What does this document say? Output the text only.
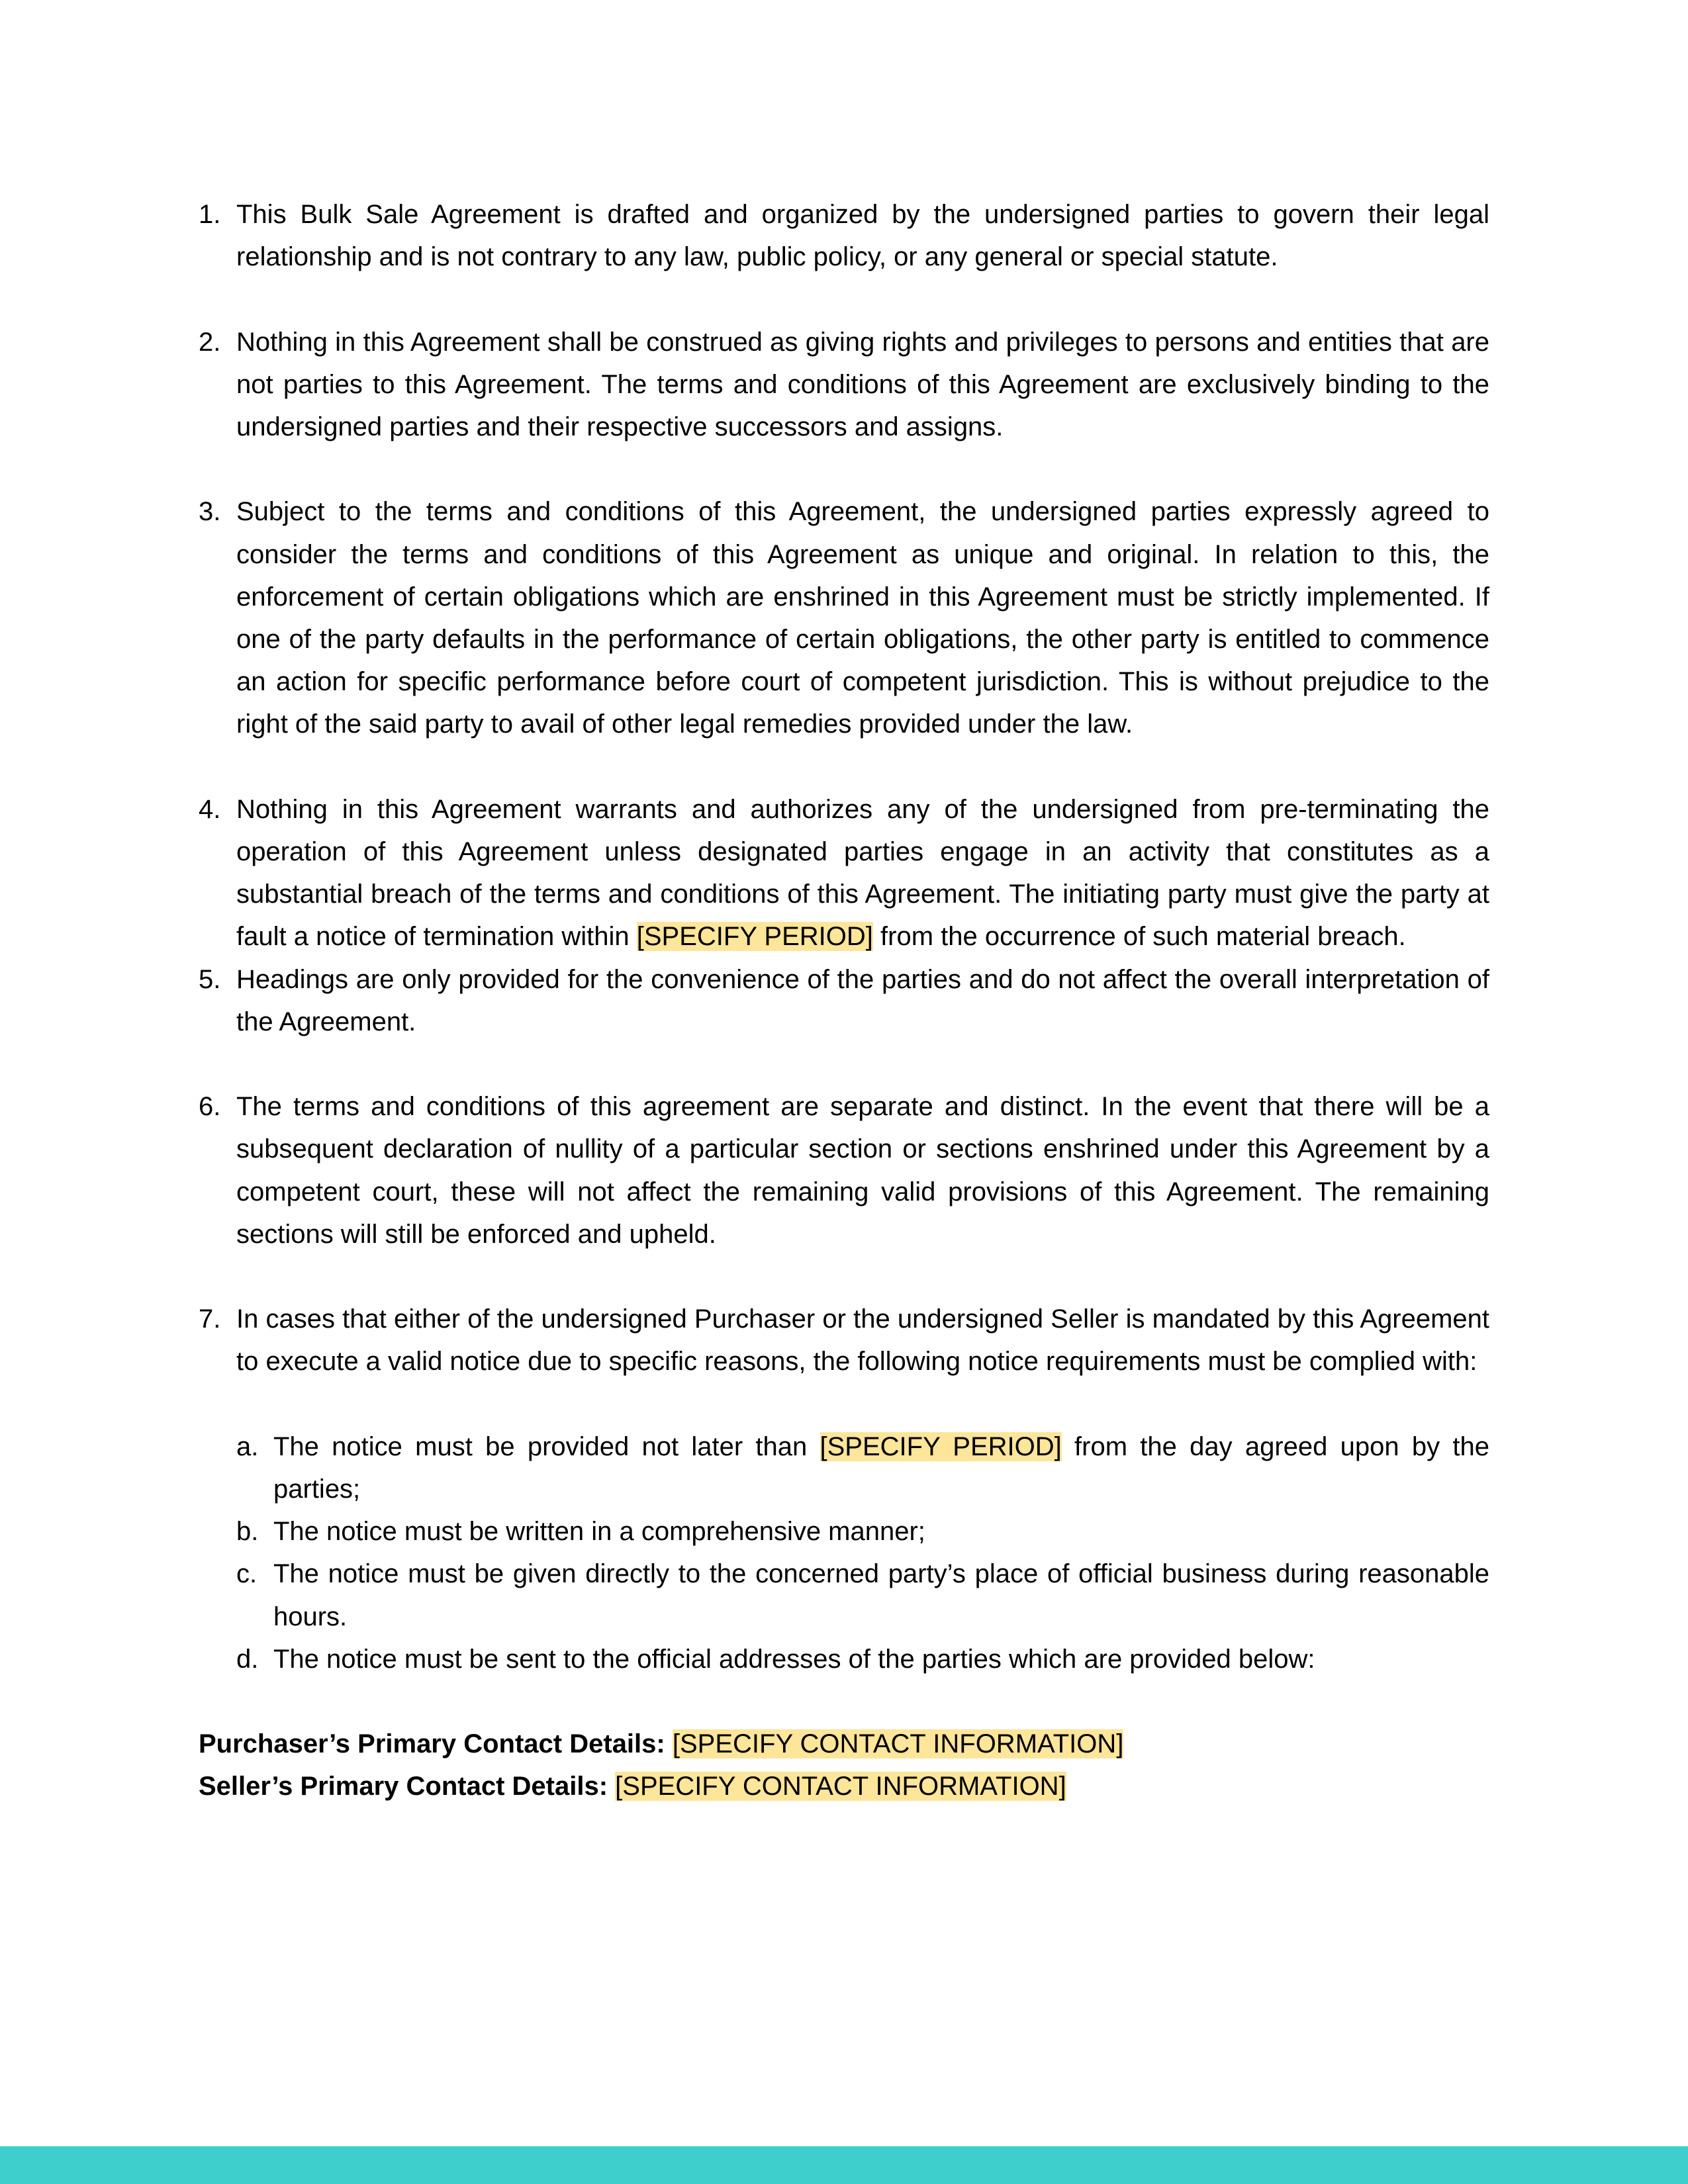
1. This Bulk Sale Agreement is drafted and organized by the undersigned parties to govern their legal relationship and is not contrary to any law, public policy, or any general or special statute.
2. Nothing in this Agreement shall be construed as giving rights and privileges to persons and entities that are not parties to this Agreement. The terms and conditions of this Agreement are exclusively binding to the undersigned parties and their respective successors and assigns.
3. Subject to the terms and conditions of this Agreement, the undersigned parties expressly agreed to consider the terms and conditions of this Agreement as unique and original. In relation to this, the enforcement of certain obligations which are enshrined in this Agreement must be strictly implemented. If one of the party defaults in the performance of certain obligations, the other party is entitled to commence an action for specific performance before court of competent jurisdiction. This is without prejudice to the right of the said party to avail of other legal remedies provided under the law.
4. Nothing in this Agreement warrants and authorizes any of the undersigned from pre-terminating the operation of this Agreement unless designated parties engage in an activity that constitutes as a substantial breach of the terms and conditions of this Agreement. The initiating party must give the party at fault a notice of termination within [SPECIFY PERIOD] from the occurrence of such material breach.
5. Headings are only provided for the convenience of the parties and do not affect the overall interpretation of the Agreement.
6. The terms and conditions of this agreement are separate and distinct. In the event that there will be a subsequent declaration of nullity of a particular section or sections enshrined under this Agreement by a competent court, these will not affect the remaining valid provisions of this Agreement. The remaining sections will still be enforced and upheld.
7. In cases that either of the undersigned Purchaser or the undersigned Seller is mandated by this Agreement to execute a valid notice due to specific reasons, the following notice requirements must be complied with:
a. The notice must be provided not later than [SPECIFY PERIOD] from the day agreed upon by the parties;
b. The notice must be written in a comprehensive manner;
c. The notice must be given directly to the concerned party’s place of official business during reasonable hours.
d. The notice must be sent to the official addresses of the parties which are provided below:
Purchaser’s Primary Contact Details: [SPECIFY CONTACT INFORMATION]
Seller’s Primary Contact Details: [SPECIFY CONTACT INFORMATION]
